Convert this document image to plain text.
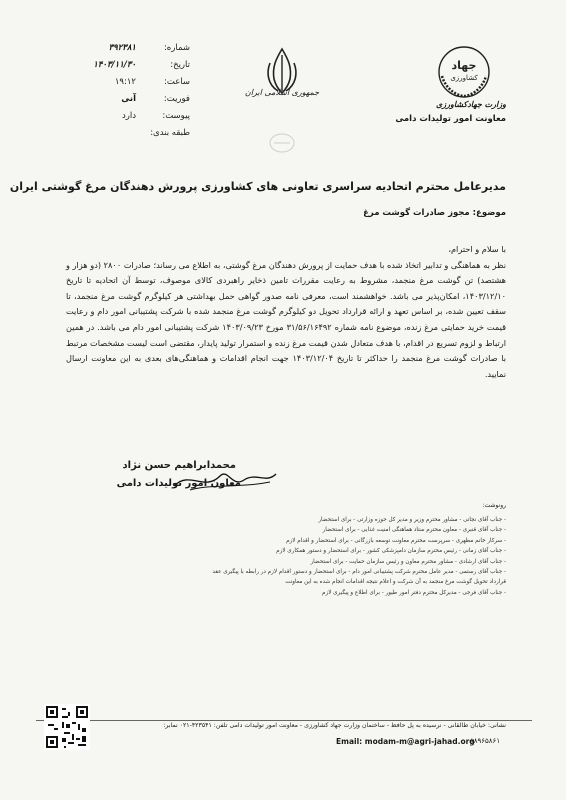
شماره:
۳۹۲۳۸۱
تاریخ:
۱۴۰۳/۱۱/۳۰
ساعت:
۱۹:۱۲
فوریت:
آنی
پیوست:
دارد
طبقه بندی:
جمهوری اسلامی ایران
جهاد
کشاورزی
وزارت جهادکشاورزی
معاونت امور تولیدات دامی
مدیرعامل محترم اتحادیه سراسری تعاونی های کشاورزی پرورش دهندگان مرغ گوشتی ایران
موضوع: مجوز صادرات گوشت مرغ

با سلام و احترام،

نظر به هماهنگی و تدابیر اتخاذ شده با هدف حمایت از پرورش دهندگان مرغ گوشتی، به اطلاع می رساند؛ صادرات ۲۸۰۰ (دو هزار و هشتصد) تن گوشت مرغ منجمد، مشروط به رعایت مقررات تامین ذخایر راهبردی کالای موصوف، توسط آن اتحادیه تا تاریخ ۱۴۰۳/۱۲/۱۰، امکان‌پذیر می باشد. خواهشمند است، معرفی نامه صدور گواهی حمل بهداشتی هر کیلوگرم گوشت مرغ منجمد، تا سقف تعیین شده، بر اساس تعهد و ارائه قرارداد تحویل دو کیلوگرم گوشت مرغ منجمد شده با شرکت پشتیبانی امور دام و رعایت قیمت خرید حمایتی مرغ زنده، موضوع نامه شماره ۳۱/۵۶/۱۶۴۹۲ مورخ ۱۴۰۳/۰۹/۲۳ شرکت پشتیبانی امور دام می باشد. در همین ارتباط و لزوم تسریع در اقدام، با هدف متعادل شدن قیمت مرغ زنده و استمرار تولید پایدار، مقتضی است لیست مشخصات مرتبط با صادرات گوشت مرغ منجمد را حداکثر تا تاریخ ۱۴۰۳/۱۲/۰۴ جهت انجام اقدامات و هماهنگی‌های بعدی به این معاونت ارسال نمایید.

محمدابراهیم حسن نژاد
معاون امور تولیدات دامی
رونوشت:
- جناب آقای نجاتی - مشاور محترم وزیر و مدیر کل حوزه وزارتی - برای استحضار
- جناب آقای قنبری - معاون محترم ستاد هماهنگی امنیت غذایی - برای استحضار
- سرکار خانم مظهری - سرپرست محترم معاونت توسعه بازرگانی - برای استحضار و اقدام لازم
- جناب آقای زمانی - رئیس محترم سازمان دامپزشکی کشور - برای استحضار و دستور همکاری لازم
- جناب آقای ارشادی - مشاور محترم معاون و رئیس سازمان حمایت - برای استحضار
- جناب آقای رستمی - مدیر عامل محترم شرکت پشتیبانی امور دام - برای استحضار و دستور اقدام لازم در رابطه با پیگیری عقد
قرارداد تحویل گوشت مرغ منجمد به آن شرکت و اعلام نتیجه اقدامات انجام شده به این معاونت
- جناب آقای فرجی - مدیرکل محترم دفتر امور طیور - برای اطلاع و پیگیری لازم
نشانی: خیابان طالقانی - نرسیده به پل حافظ - ساختمان وزارت جهاد کشاورزی - معاونت امور تولیدات دامی تلفن: ۴۲۳۵۴۱-۰۲۱ نمابر:
Email: modam-m@agri-jahad.org
۸۸۹۶۵۸۶۱
